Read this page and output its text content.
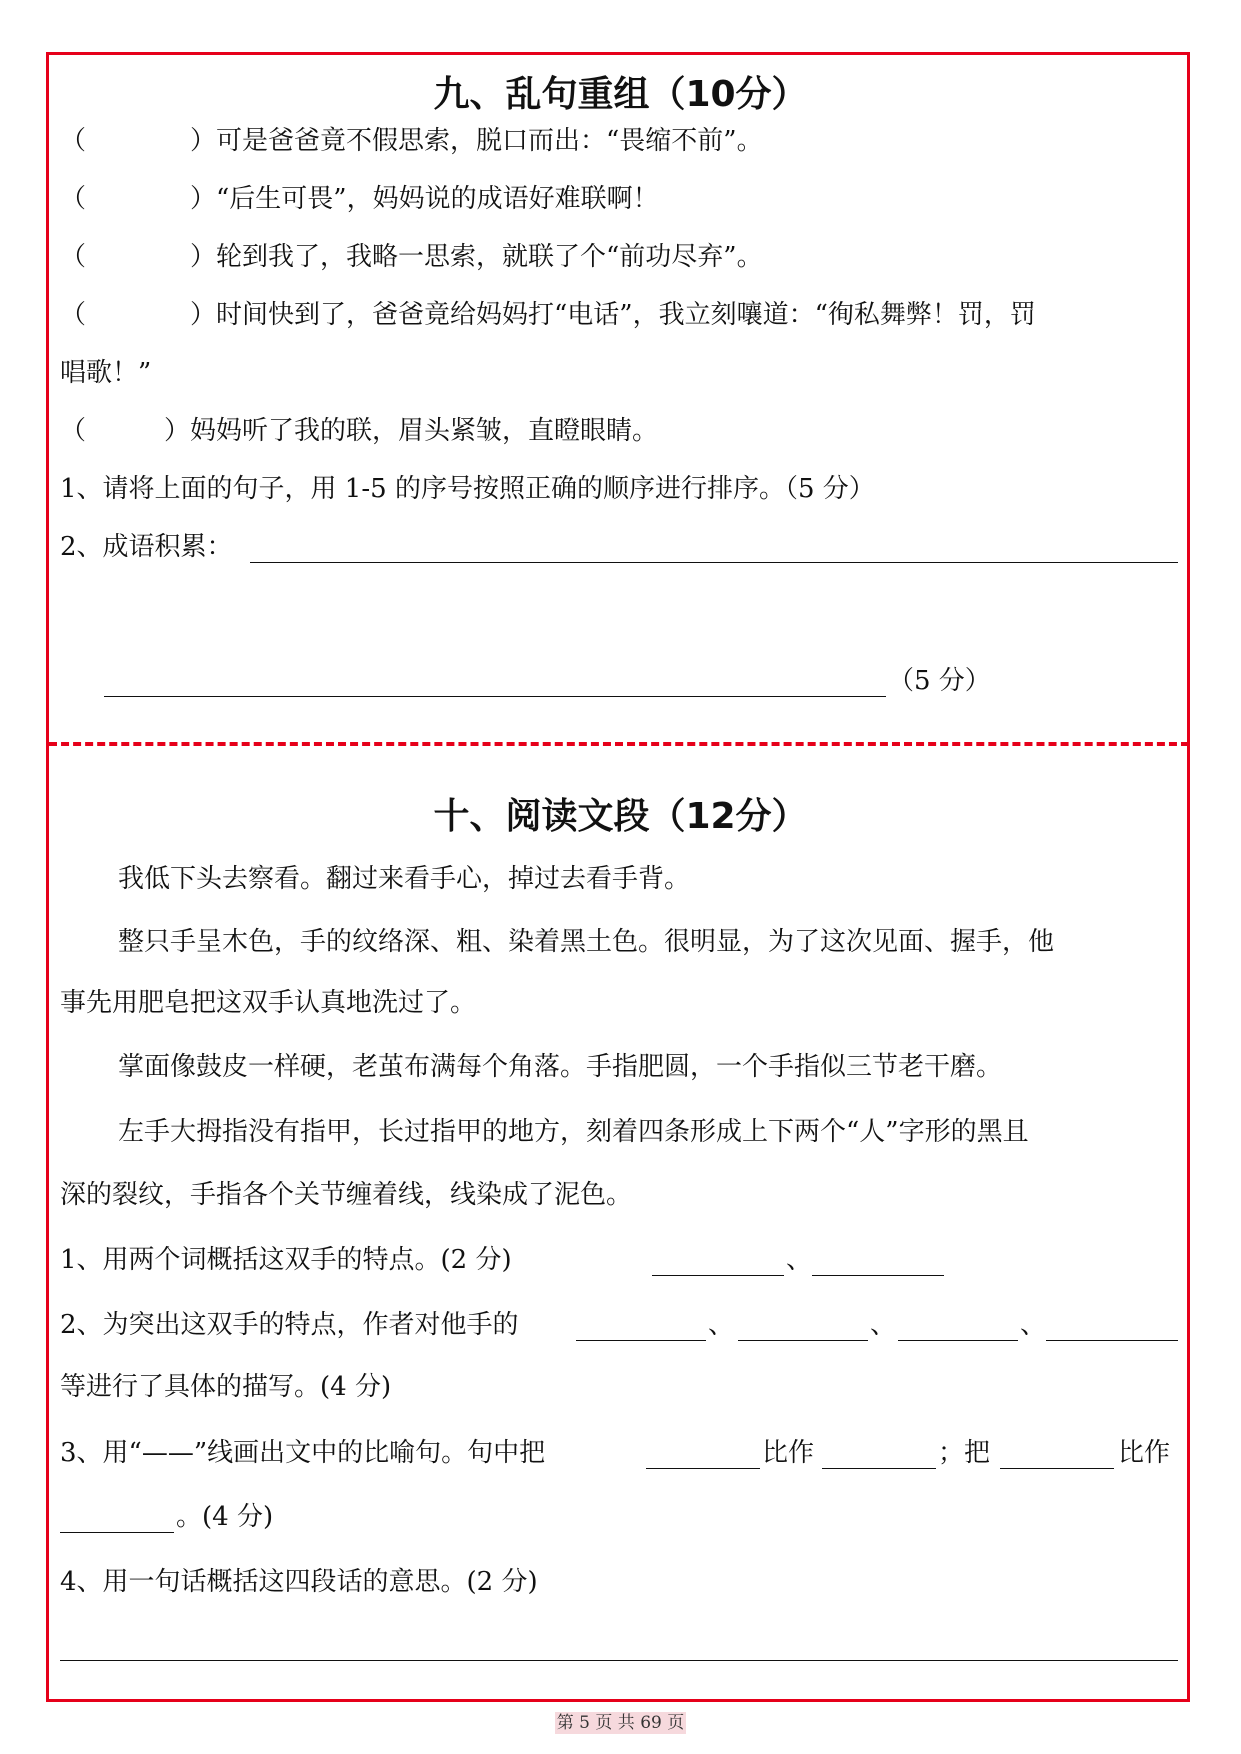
九、乱句重组（10分）
（　　　　）可是爸爸竟不假思索，脱口而出：“畏缩不前”。
（　　　　）“后生可畏”，妈妈说的成语好难联啊！
（　　　　）轮到我了，我略一思索，就联了个“前功尽弃”。
（　　　　）时间快到了，爸爸竟给妈妈打“电话”，我立刻嚷道：“徇私舞弊！罚，罚
唱歌！”
（　　　）妈妈听了我的联，眉头紧皱，直瞪眼睛。
1、请将上面的句子，用 1-5 的序号按照正确的顺序进行排序。（5 分）
2、成语积累：
（5 分）
十、阅读文段（12分）
我低下头去察看。翻过来看手心，掉过去看手背。
整只手呈木色，手的纹络深、粗、染着黑土色。很明显，为了这次见面、握手，他
事先用肥皂把这双手认真地洗过了。
掌面像鼓皮一样硬，老茧布满每个角落。手指肥圆，一个手指似三节老干磨。
左手大拇指没有指甲，长过指甲的地方，刻着四条形成上下两个“人”字形的黑且
深的裂纹，手指各个关节缠着线，线染成了泥色。
1、用两个词概括这双手的特点。(2 分)	、
2、为突出这双手的特点，作者对他手的	、	、	、
等进行了具体的描写。(4 分)
3、用“——”线画出文中的比喻句。句中把	比作	；把	比作
。(4 分)
4、用一句话概括这四段话的意思。(2 分)
第 5 页 共 69 页
